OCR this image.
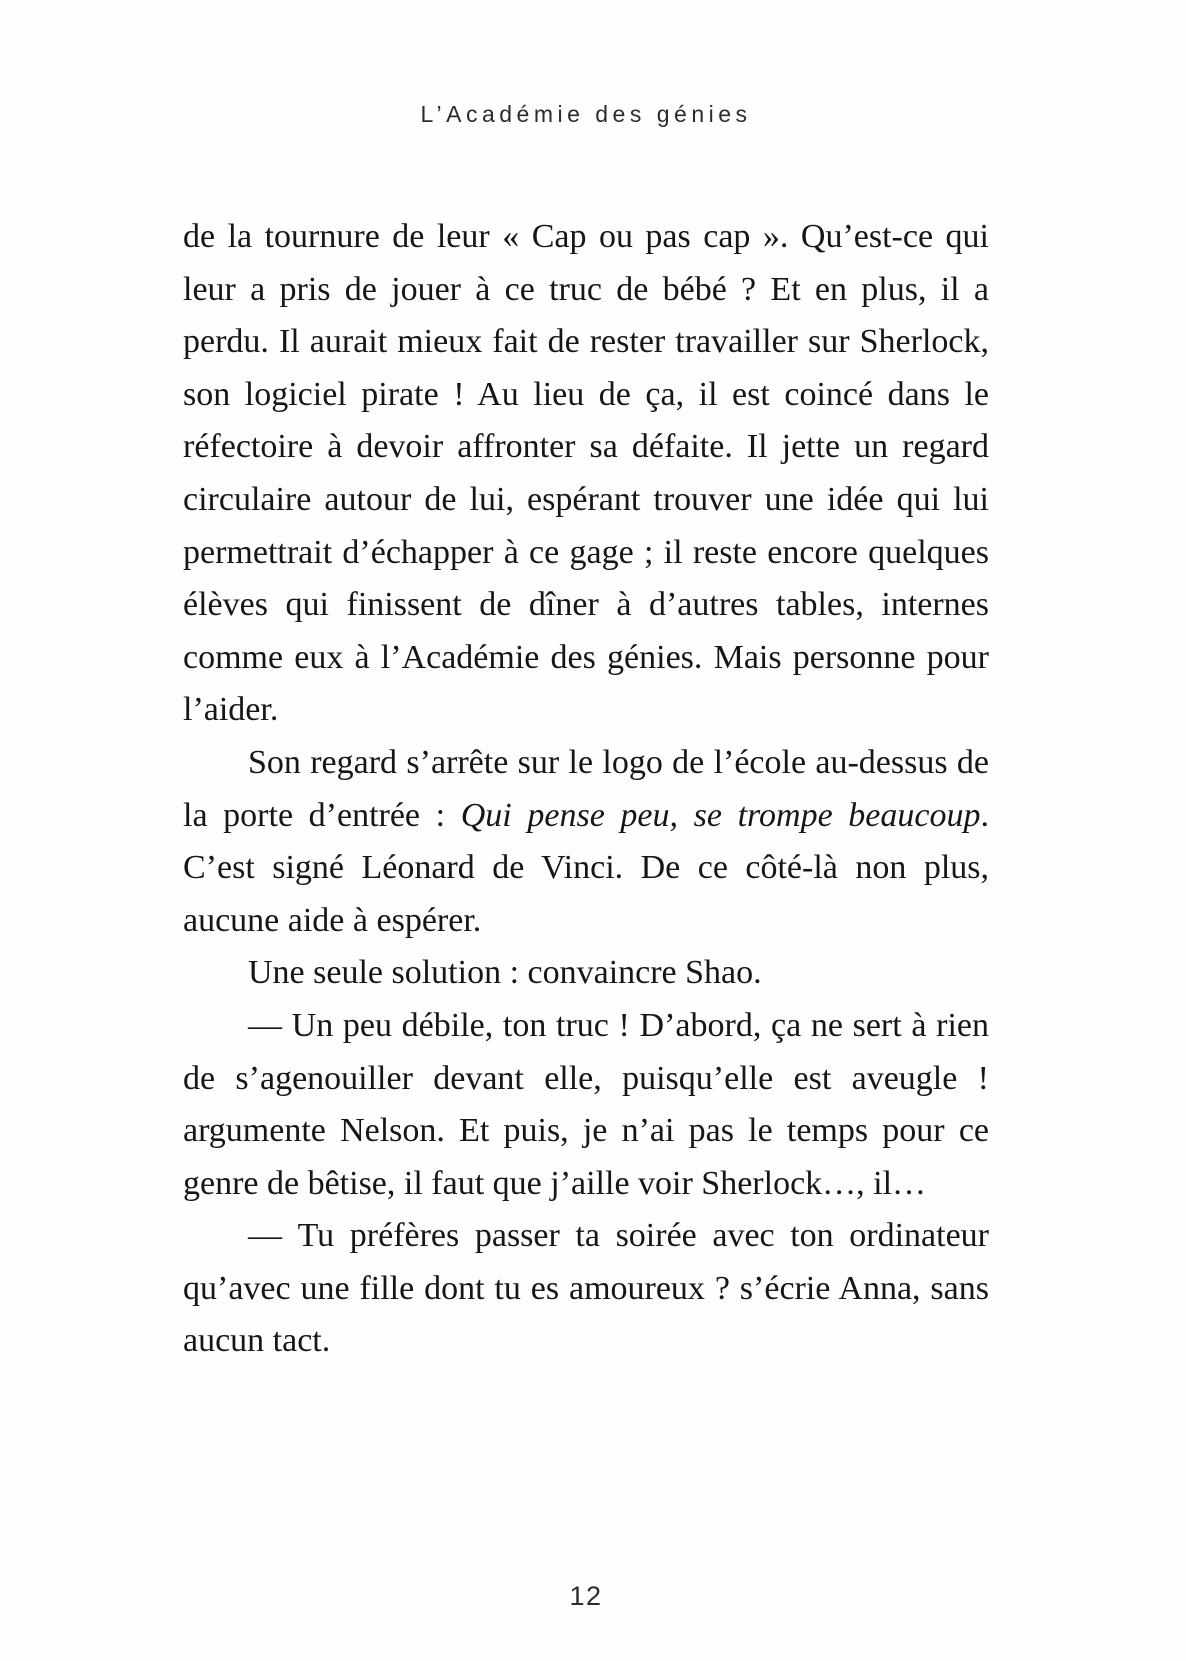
L’Académie des génies

de la tournure de leur « Cap ou pas cap ». Qu’est-ce qui leur a pris de jouer à ce truc de bébé ? Et en plus, il a perdu. Il aurait mieux fait de rester travailler sur Sherlock, son logiciel pirate ! Au lieu de ça, il est coincé dans le réfectoire à devoir affronter sa défaite. Il jette un regard circulaire autour de lui, espérant trouver une idée qui lui permettrait d’échapper à ce gage ; il reste encore quelques élèves qui finissent de dîner à d’autres tables, internes comme eux à l’Académie des génies. Mais personne pour l’aider.

Son regard s’arrête sur le logo de l’école au-dessus de la porte d’entrée : Qui pense peu, se trompe beaucoup. C’est signé Léonard de Vinci. De ce côté-là non plus, aucune aide à espérer.

Une seule solution : convaincre Shao.

— Un peu débile, ton truc ! D’abord, ça ne sert à rien de s’agenouiller devant elle, puisqu’elle est aveugle ! argumente Nelson. Et puis, je n’ai pas le temps pour ce genre de bêtise, il faut que j’aille voir Sherlock…, il…

— Tu préfères passer ta soirée avec ton ordinateur qu’avec une fille dont tu es amoureux ? s’écrie Anna, sans aucun tact.

12
